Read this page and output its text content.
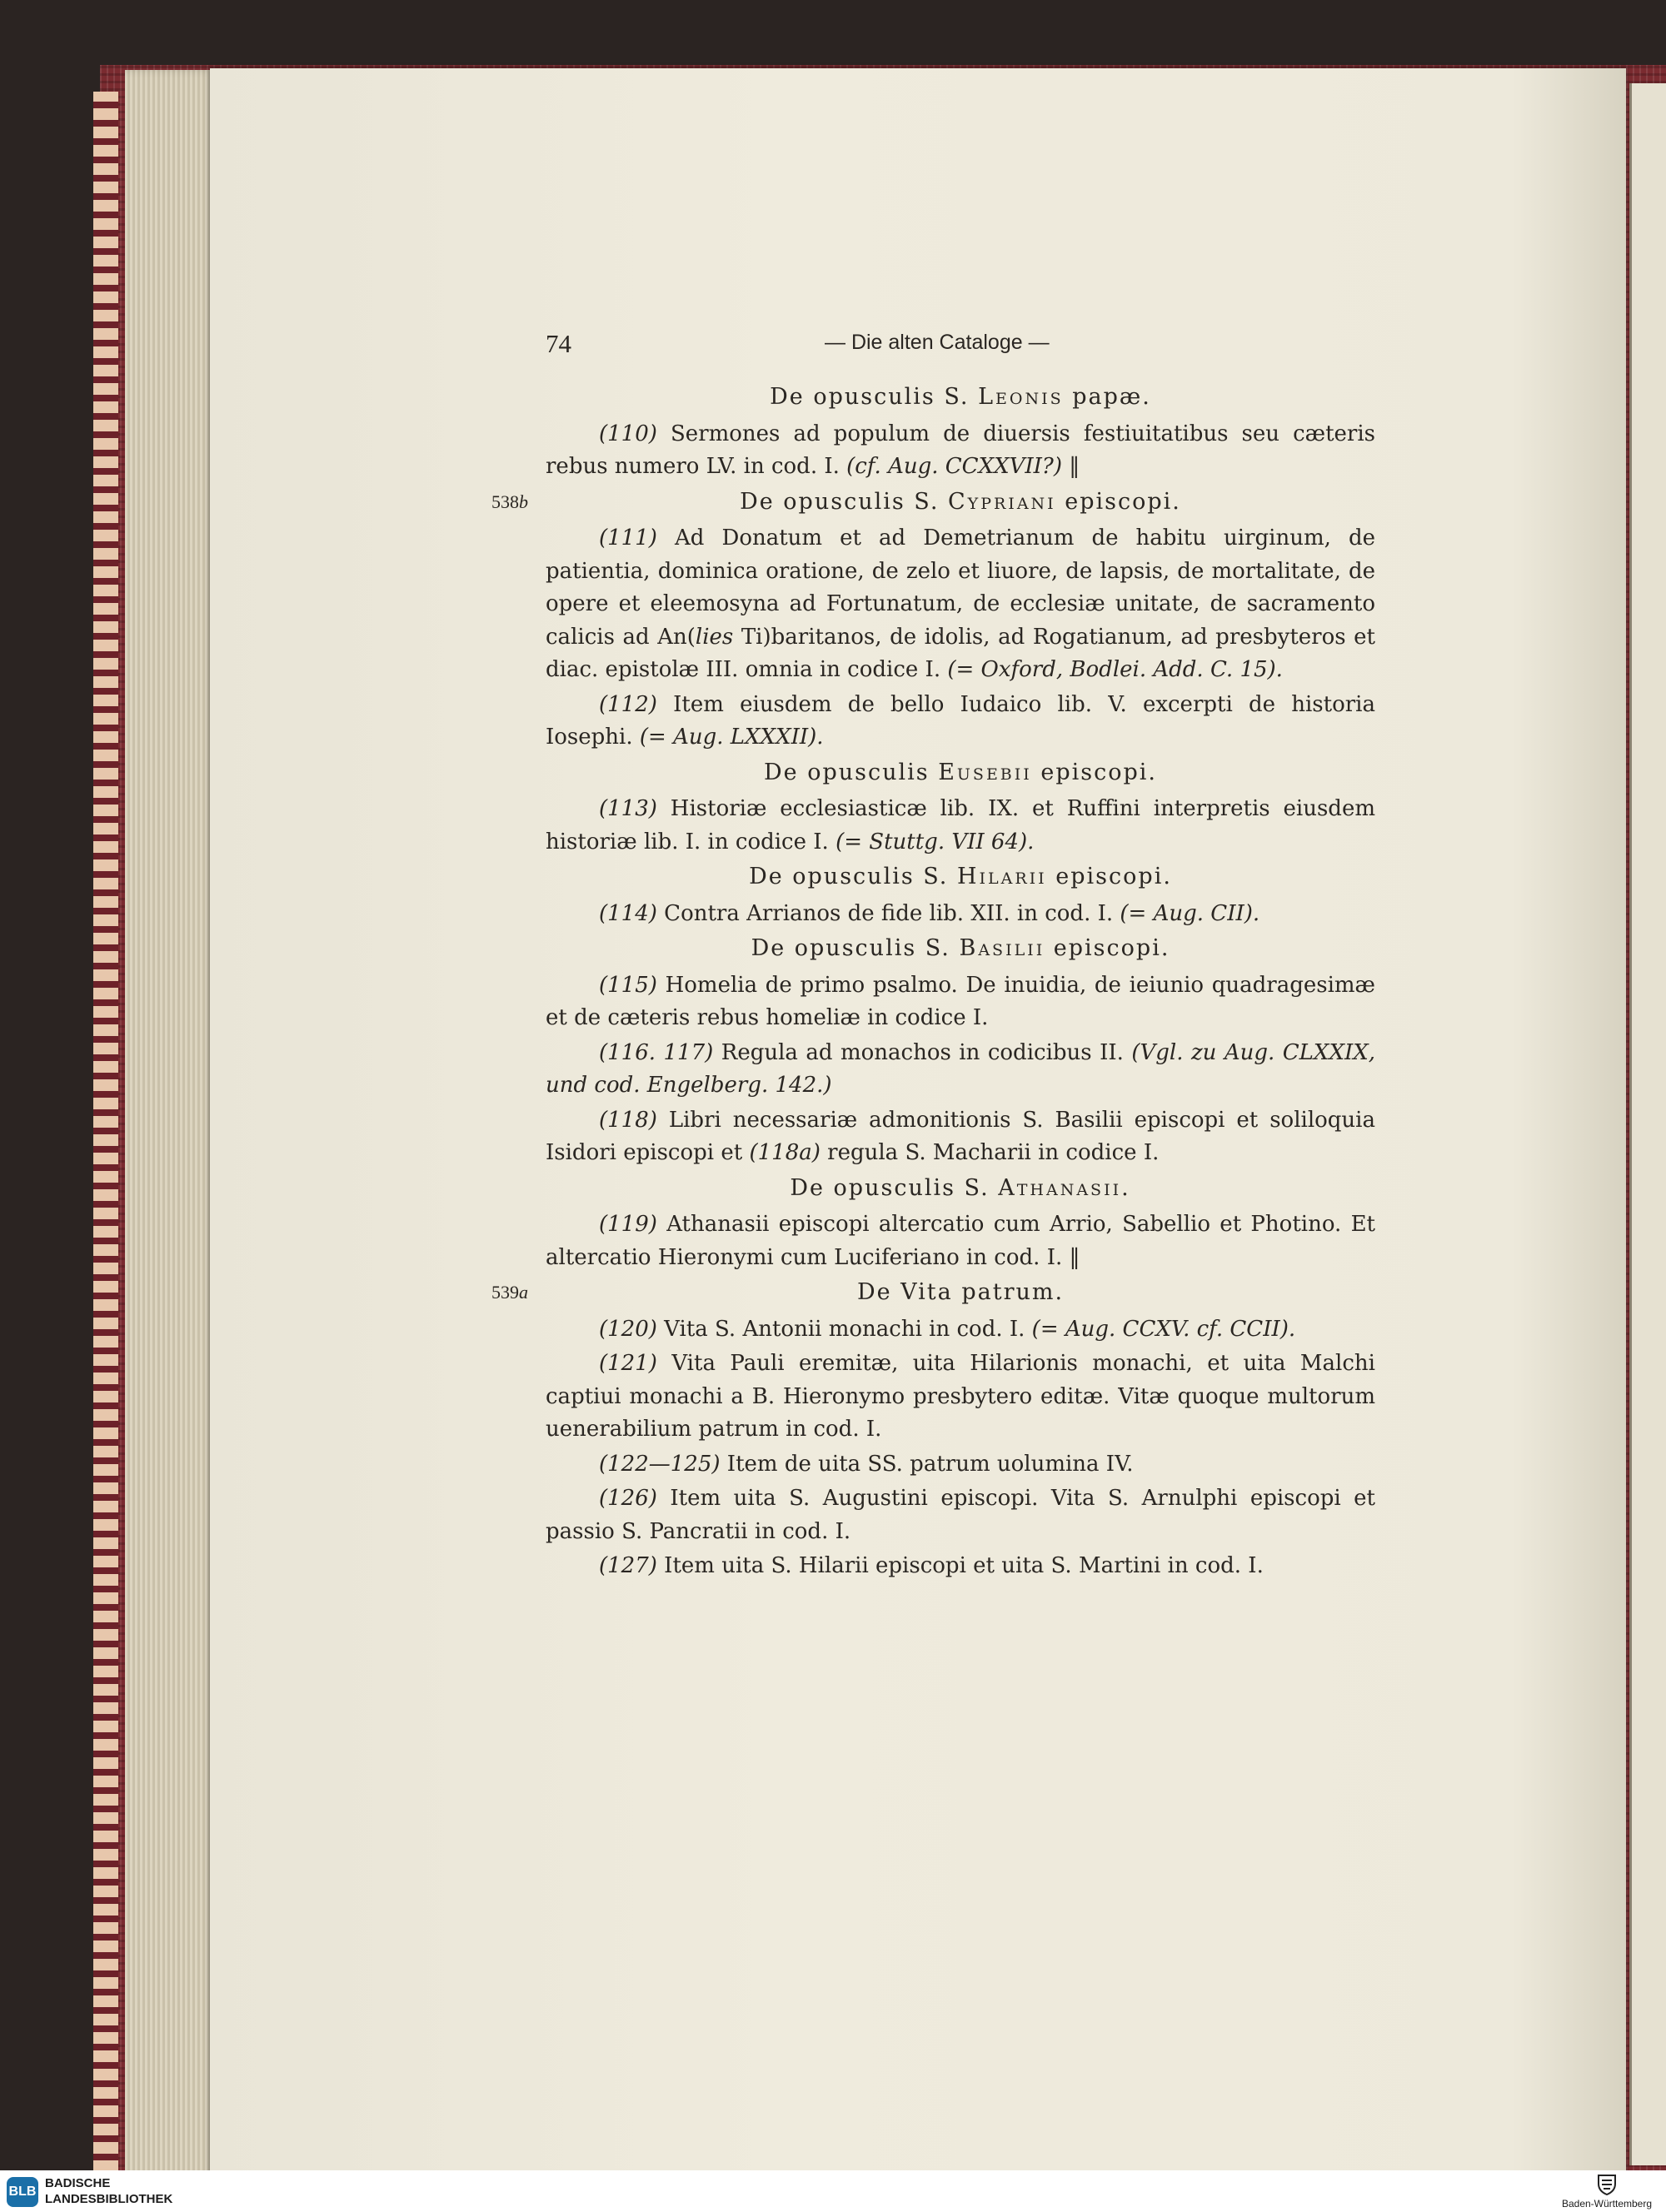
74	— Die alten Cataloge —
De opusculis S. Leonis papæ.
(110) Sermones ad populum de diuersis festiuitatibus seu cæteris rebus numero LV. in cod. I. (cf. Aug. CCXXVII?) ‖
De opusculis S. Cypriani episcopi.
538b
(111) Ad Donatum et ad Demetrianum de habitu uirginum, de patientia, dominica oratione, de zelo et liuore, de lapsis, de mortalitate, de opere et eleemosyna ad Fortunatum, de ecclesiæ unitate, de sacramento calicis ad An(lies Ti)baritanos, de idolis, ad Rogatianum, ad presbyteros et diac. epistolæ III. omnia in codice I. (= Oxford, Bodlei. Add. C. 15).
(112) Item eiusdem de bello Iudaico lib. V. excerpti de historia Iosephi. (= Aug. LXXXII).
De opusculis Eusebii episcopi.
(113) Historiæ ecclesiasticæ lib. IX. et Ruffini interpretis eiusdem historiæ lib. I. in codice I. (= Stuttg. VII 64).
De opusculis S. Hilarii episcopi.
(114) Contra Arrianos de fide lib. XII. in cod. I. (= Aug. CII).
De opusculis S. Basilii episcopi.
(115) Homelia de primo psalmo. De inuidia, de ieiunio quadragesimæ et de cæteris rebus homeliæ in codice I.
(116. 117) Regula ad monachos in codicibus II. (Vgl. zu Aug. CLXXIX, und cod. Engelberg. 142.)
(118) Libri necessariæ admonitionis S. Basilii episcopi et soliloquia Isidori episcopi et (118a) regula S. Macharii in codice I.
De opusculis S. Athanasii.
(119) Athanasii episcopi altercatio cum Arrio, Sabellio et Photino. Et altercatio Hieronymi cum Luciferiano in cod. I. ‖
De Vita patrum.
539a
(120) Vita S. Antonii monachi in cod. I. (= Aug. CCXV. cf. CCII).
(121) Vita Pauli eremitæ, uita Hilarionis monachi, et uita Malchi captiui monachi a B. Hieronymo presbytero editæ. Vitæ quoque multorum uenerabilium patrum in cod. I.
(122—125) Item de uita SS. patrum uolumina IV.
(126) Item uita S. Augustini episcopi. Vita S. Arnulphi episcopi et passio S. Pancratii in cod. I.
(127) Item uita S. Hilarii episcopi et uita S. Martini in cod. I.
BLB
BADISCHE
LANDESBIBLIOTHEK	Baden-Württemberg
